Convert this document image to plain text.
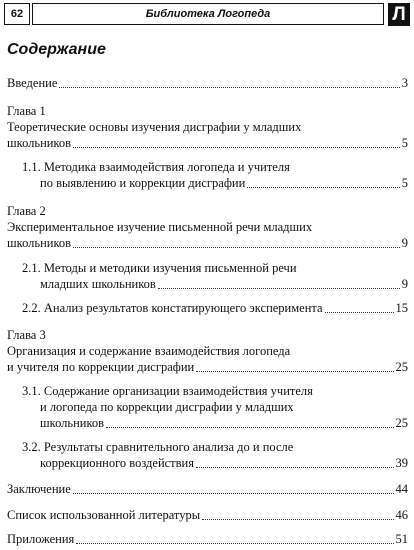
62	Библиотека Логопеда	Л
Содержание
Введение	3
Глава 1
Теоретические основы изучения дисграфии у младших
школьников	5
1.1. Методика взаимодействия логопеда и учителя
по выявлению и коррекции дисграфии	5
Глава 2
Экспериментальное изучение письменной речи младших
школьников	9
2.1. Методы и методики изучения письменной речи
младших школьников	9
2.2. Анализ результатов констатирующего эксперимента	15
Глава 3
Организация и содержание взаимодействия логопеда
и учителя по коррекции дисграфии	25
3.1. Содержание организации взаимодействия учителя
и логопеда по коррекции дисграфии у младших
школьников	25
3.2. Результаты сравнительного анализа до и после
коррекционного воздействия	39
Заключение	44
Список использованной литературы	46
Приложения	51
